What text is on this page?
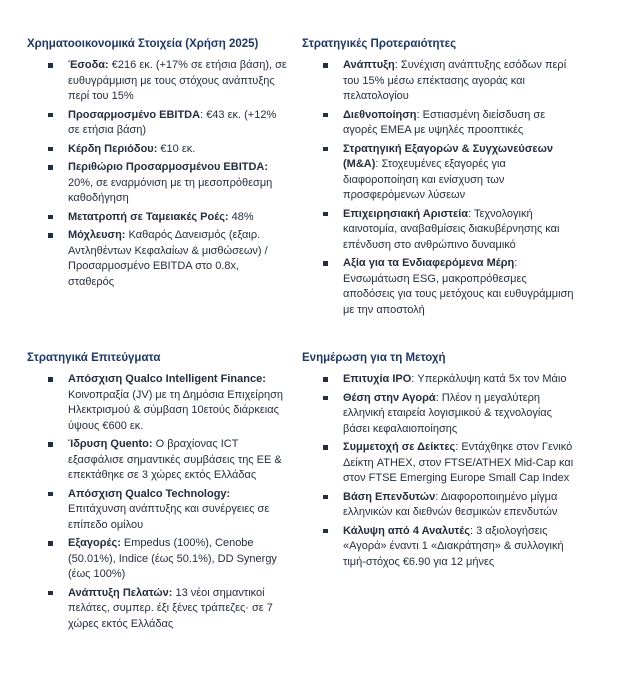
Χρηματοοικονομικά Στοιχεία (Χρήση 2025)
Έσοδα: €216 εκ. (+17% σε ετήσια βάση), σε ευθυγράμμιση με τους στόχους ανάπτυξης περί του 15%
Προσαρμοσμένο EBITDA: €43 εκ. (+12% σε ετήσια βάση)
Κέρδη Περιόδου: €10 εκ.
Περιθώριο Προσαρμοσμένου EBITDA: 20%, σε εναρμόνιση με τη μεσοπρόθεσμη καθοδήγηση
Μετατροπή σε Ταμειακές Ροές: 48%
Μόχλευση: Καθαρός Δανεισμός (εξαιρ. Αντληθέντων Κεφαλαίων & μισθώσεων) / Προσαρμοσμένο EBITDA στο 0.8x, σταθερός
Στρατηγικές Προτεραιότητες
Ανάπτυξη: Συνέχιση ανάπτυξης εσόδων περί του 15% μέσω επέκτασης αγοράς και πελατολογίου
Διεθνοποίηση: Εστιασμένη διείσδυση σε αγορές ΕΜΕΑ με υψηλές προοπτικές
Στρατηγική Εξαγορών & Συγχωνεύσεων (M&A): Στοχευμένες εξαγορές για διαφοροποίηση και ενίσχυση των προσφερόμενων λύσεων
Επιχειρησιακή Αριστεία: Τεχνολογική καινοτομία, αναβαθμίσεις διακυβέρνησης και επένδυση στο ανθρώπινο δυναμικό
Αξία για τα Ενδιαφερόμενα Μέρη: Ενσωμάτωση ESG, μακροπρόθεσμες αποδόσεις για τους μετόχους και ευθυγράμμιση με την αποστολή
Στρατηγικά Επιτεύγματα
Απόσχιση Qualco Intelligent Finance: Κοινοπραξία (JV) με τη Δημόσια Επιχείρηση Ηλεκτρισμού & σύμβαση 10ετούς διάρκειας ύψους €600 εκ.
Ίδρυση Quento: Ο βραχίονας ICT εξασφάλισε σημαντικές συμβάσεις της ΕΕ & επεκτάθηκε σε 3 χώρες εκτός Ελλάδας
Απόσχιση Qualco Technology: Επιτάχυνση ανάπτυξης και συνέργειες σε επίπεδο ομίλου
Εξαγορές: Empedus (100%), Cenobe (50.01%), Indice (έως 50.1%), DD Synergy (έως 100%)
Ανάπτυξη Πελατών: 13 νέοι σημαντικοί πελάτες, συμπερ. έξι ξένες τράπεζες· σε 7 χώρες εκτός Ελλάδας
Ενημέρωση για τη Μετοχή
Επιτυχία IPO: Υπερκάλυψη κατά 5x τον Μάιο
Θέση στην Αγορά: Πλέον η μεγαλύτερη ελληνική εταιρεία λογισμικού & τεχνολογίας βάσει κεφαλαιοποίησης
Συμμετοχή σε Δείκτες: Εντάχθηκε στον Γενικό Δείκτη ATHEX, στον FTSE/ATHEX Mid-Cap και στον FTSE Emerging Europe Small Cap Index
Βάση Επενδυτών: Διαφοροποιημένο μίγμα ελληνικών και διεθνών θεσμικών επενδυτών
Κάλυψη από 4 Αναλυτές: 3 αξιολογήσεις «Αγορά» έναντι 1 «Διακράτηση» & συλλογική τιμή-στόχος €6.90 για 12 μήνες
